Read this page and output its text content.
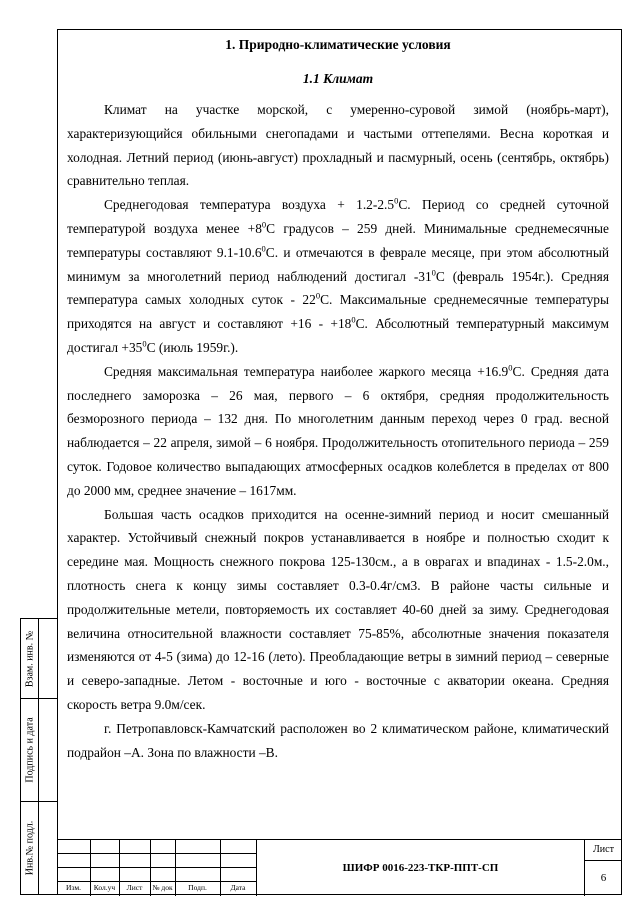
Взам. инв. №
Подпись и дата
Инв.№ подл.
1. Природно-климатические условия
1.1 Климат

Климат на участке морской, с умеренно-суровой зимой (ноябрь-март), характеризующийся обильными снегопадами и частыми оттепелями. Весна короткая и холодная. Летний период (июнь-август) прохладный и пасмурный, осень (сентябрь, октябрь) сравнительно теплая.

Среднегодовая температура воздуха + $1.2-2.5^0С$. Период со средней суточной температурой воздуха менее $+8^0С$ градусов – 259 дней. Минимальные среднемесячные температуры составляют 9.1-10.6$^0$С. и отмечаются в феврале месяце, при этом абсолютный минимум за многолетний период наблюдений достигал $-31^0С$ (февраль 1954г.). Средняя температура самых холодных суток - $22^0С$. Максимальные среднемесячные температуры приходятся на август и составляют $+16 - +18^0С$. Абсолютный температурный максимум достигал $+35^0С$ (июль 1959г.).

Средняя максимальная температура наиболее жаркого месяца $+16.9^0С$. Средняя дата последнего заморозка – 26 мая, первого – 6 октября, средняя продолжительность безморозного периода – 132 дня. По многолетним данным переход через 0 град. весной наблюдается – 22 апреля, зимой – 6 ноября. Продолжительность отопительного периода – 259 суток. Годовое количество выпадающих атмосферных осадков колеблется в пределах от 800 до 2000 мм, среднее значение – 1617мм.

Большая часть осадков приходится на осенне-зимний период и носит смешанный характер. Устойчивый снежный покров устанавливается в ноябре и полностью сходит к середине мая. Мощность снежного покрова 125-130см., а в оврагах и впадинах - 1.5-2.0м., плотность снега к концу зимы составляет 0.3-0.4г/см3. В районе часты сильные и продолжительные метели, повторяемость их составляет 40-60 дней за зиму. Среднегодовая величина относительной влажности составляет 75-85%, абсолютные значения показателя изменяются от 4-5 (зима) до 12-16 (лето). Преобладающие ветры в зимний период – северные и северо-западные. Летом - восточные и юго - восточные с акватории океана. Средняя скорость ветра 9.0м/сек.

г. Петропавловск-Камчатский расположен во 2 климатическом районе, климатический подрайон –А. Зона по влажности –В.

Изм.	Кол.уч	Лист	№ док	Подп.	Дата
ШИФР 0016-223-ТКР-ППТ-СП
Лист
6
